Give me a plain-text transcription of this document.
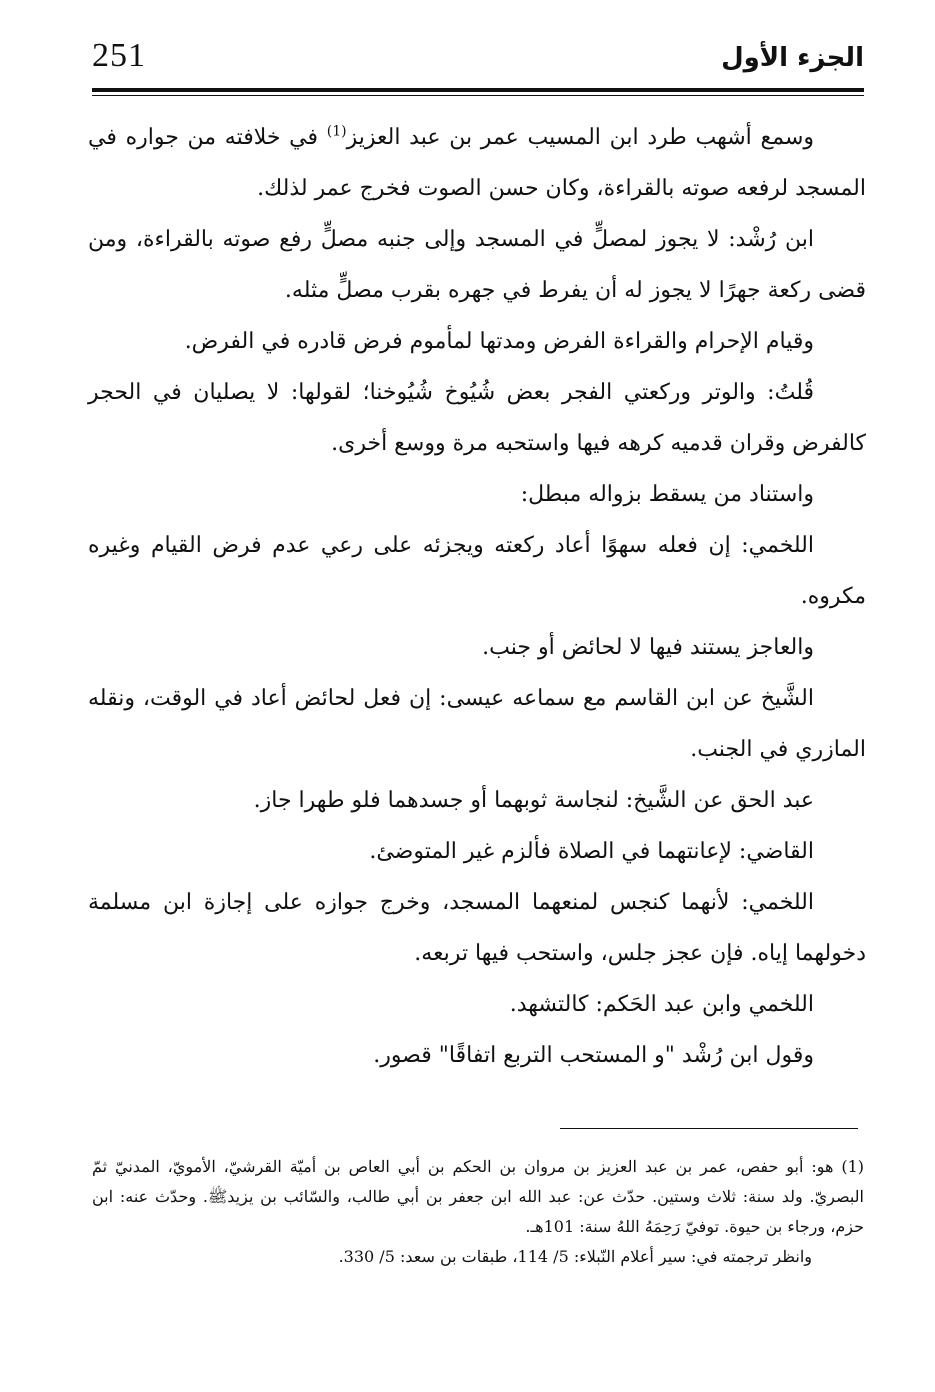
251	الجزء الأول

وسمع أشهب طرد ابن المسيب عمر بن عبد العزيز$^{(1)}$ في خلافته من جواره في المسجد لرفعه صوته بالقراءة، وكان حسن الصوت فخرج عمر لذلك.

ابن رُشْد: لا يجوز لمصلٍّ في المسجد وإلى جنبه مصلٍّ رفع صوته بالقراءة، ومن قضى ركعة جهرًا لا يجوز له أن يفرط في جهره بقرب مصلٍّ مثله.

وقيام الإحرام والقراءة الفرض ومدتها لمأموم فرض قادره في الفرض.

قُلتُ: والوتر وركعتي الفجر بعض شُيُوخ شُيُوخنا؛ لقولها: لا يصليان في الحجر كالفرض وقران قدميه كرهه فيها واستحبه مرة ووسع أخرى.

واستناد من يسقط بزواله مبطل:

اللخمي: إن فعله سهوًا أعاد ركعته ويجزئه على رعي عدم فرض القيام وغيره مكروه.

والعاجز يستند فيها لا لحائض أو جنب.

الشَّيخ عن ابن القاسم مع سماعه عيسى: إن فعل لحائض أعاد في الوقت، ونقله المازري في الجنب.

عبد الحق عن الشَّيخ: لنجاسة ثوبهما أو جسدهما فلو طهرا جاز.

القاضي: لإعانتهما في الصلاة فألزم غير المتوضئ.

اللخمي: لأنهما كنجس لمنعهما المسجد، وخرج جوازه على إجازة ابن مسلمة دخولهما إياه. فإن عجز جلس، واستحب فيها تربعه.

اللخمي وابن عبد الحَكم: كالتشهد.

وقول ابن رُشْد "و المستحب التربع اتفاقًا" قصور.

(1) هو: أبو حفص، عمر بن عبد العزيز بن مروان بن الحكم بن أبي العاص بن أميّة القرشيّ، الأمويّ، المدنيّ ثمّ البصريّ. ولد سنة: ثلاث وستين. حدّث عن: عبد الله ابن جعفر بن أبي طالب، والسّائب بن يزيدﷺ. وحدّث عنه: ابن حزم، ورجاء بن حيوة. توفيّ رَحِمَهُ اللهُ سنة: 101هـ.

وانظر ترجمته في: سير أعلام النّبلاء: 5/ 114، طبقات بن سعد: 5/ 330.
